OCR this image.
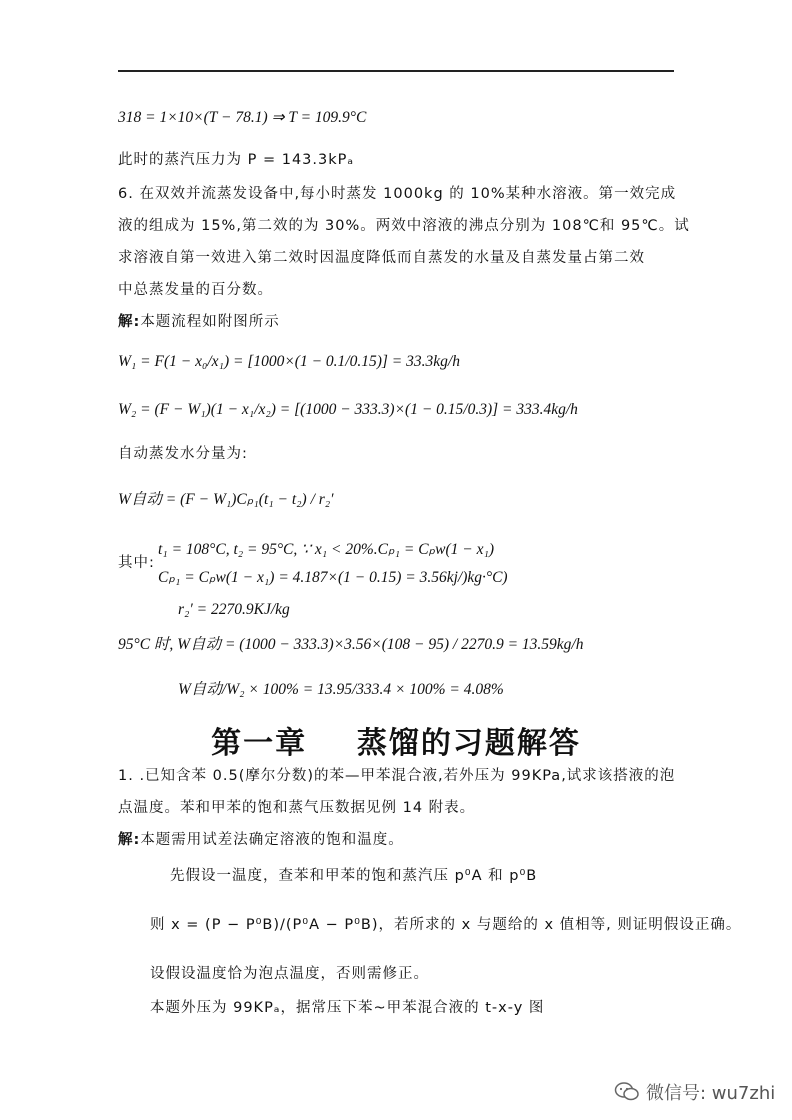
318 = 1×10×(T − 78.1) ⇒ T = 109.9°C
此时的蒸汽压力为 P = 143.3kPₐ
6. 在双效并流蒸发设备中,每小时蒸发 1000kg 的 10%某种水溶液。第一效完成
液的组成为 15%,第二效的为 30%。两效中溶液的沸点分别为 108℃和 95℃。试
求溶液自第一效进入第二效时因温度降低而自蒸发的水量及自蒸发量占第二效
中总蒸发量的百分数。
解:本题流程如附图所示
W₁ = F(1 − x₀/x₁) = [1000×(1 − 0.1/0.15)] = 33.3kg/h
W₂ = (F − W₁)(1 − x₁/x₂) = [(1000 − 333.3)×(1 − 0.15/0.3)] = 333.4kg/h
自动蒸发水分量为:
W自动 = (F − W₁)Cₚ₁(t₁ − t₂) / r₂′
其中:
t₁ = 108°C, t₂ = 95°C, ∵ x₁ < 20%.Cₚ₁ = Cₚw(1 − x₁)
Cₚ₁ = Cₚw(1 − x₁) = 4.187×(1 − 0.15) = 3.56kj/)kg·°C)
r₂′ = 2270.9KJ/kg
95°C 时, W自动 = (1000 − 333.3)×3.56×(108 − 95) / 2270.9 = 13.59kg/h
W自动/W₂ × 100% = 13.95/333.4 × 100% = 4.08%
第一章    蒸馏的习题解答
1. .已知含苯 0.5(摩尔分数)的苯—甲苯混合液,若外压为 99KPa,试求该搭液的泡
点温度。苯和甲苯的饱和蒸气压数据见例 14 附表。
解:本题需用试差法确定溶液的饱和温度。
先假设一温度，查苯和甲苯的饱和蒸汽压 p⁰A 和 p⁰B
则 x = (P − P⁰B)/(P⁰A − P⁰B)，若所求的 x 与题给的 x 值相等, 则证明假设正确。
设假设温度恰为泡点温度，否则需修正。
本题外压为 99KPₐ，据常压下苯~甲苯混合液的 t-x-y 图
微信号: wu7zhi
